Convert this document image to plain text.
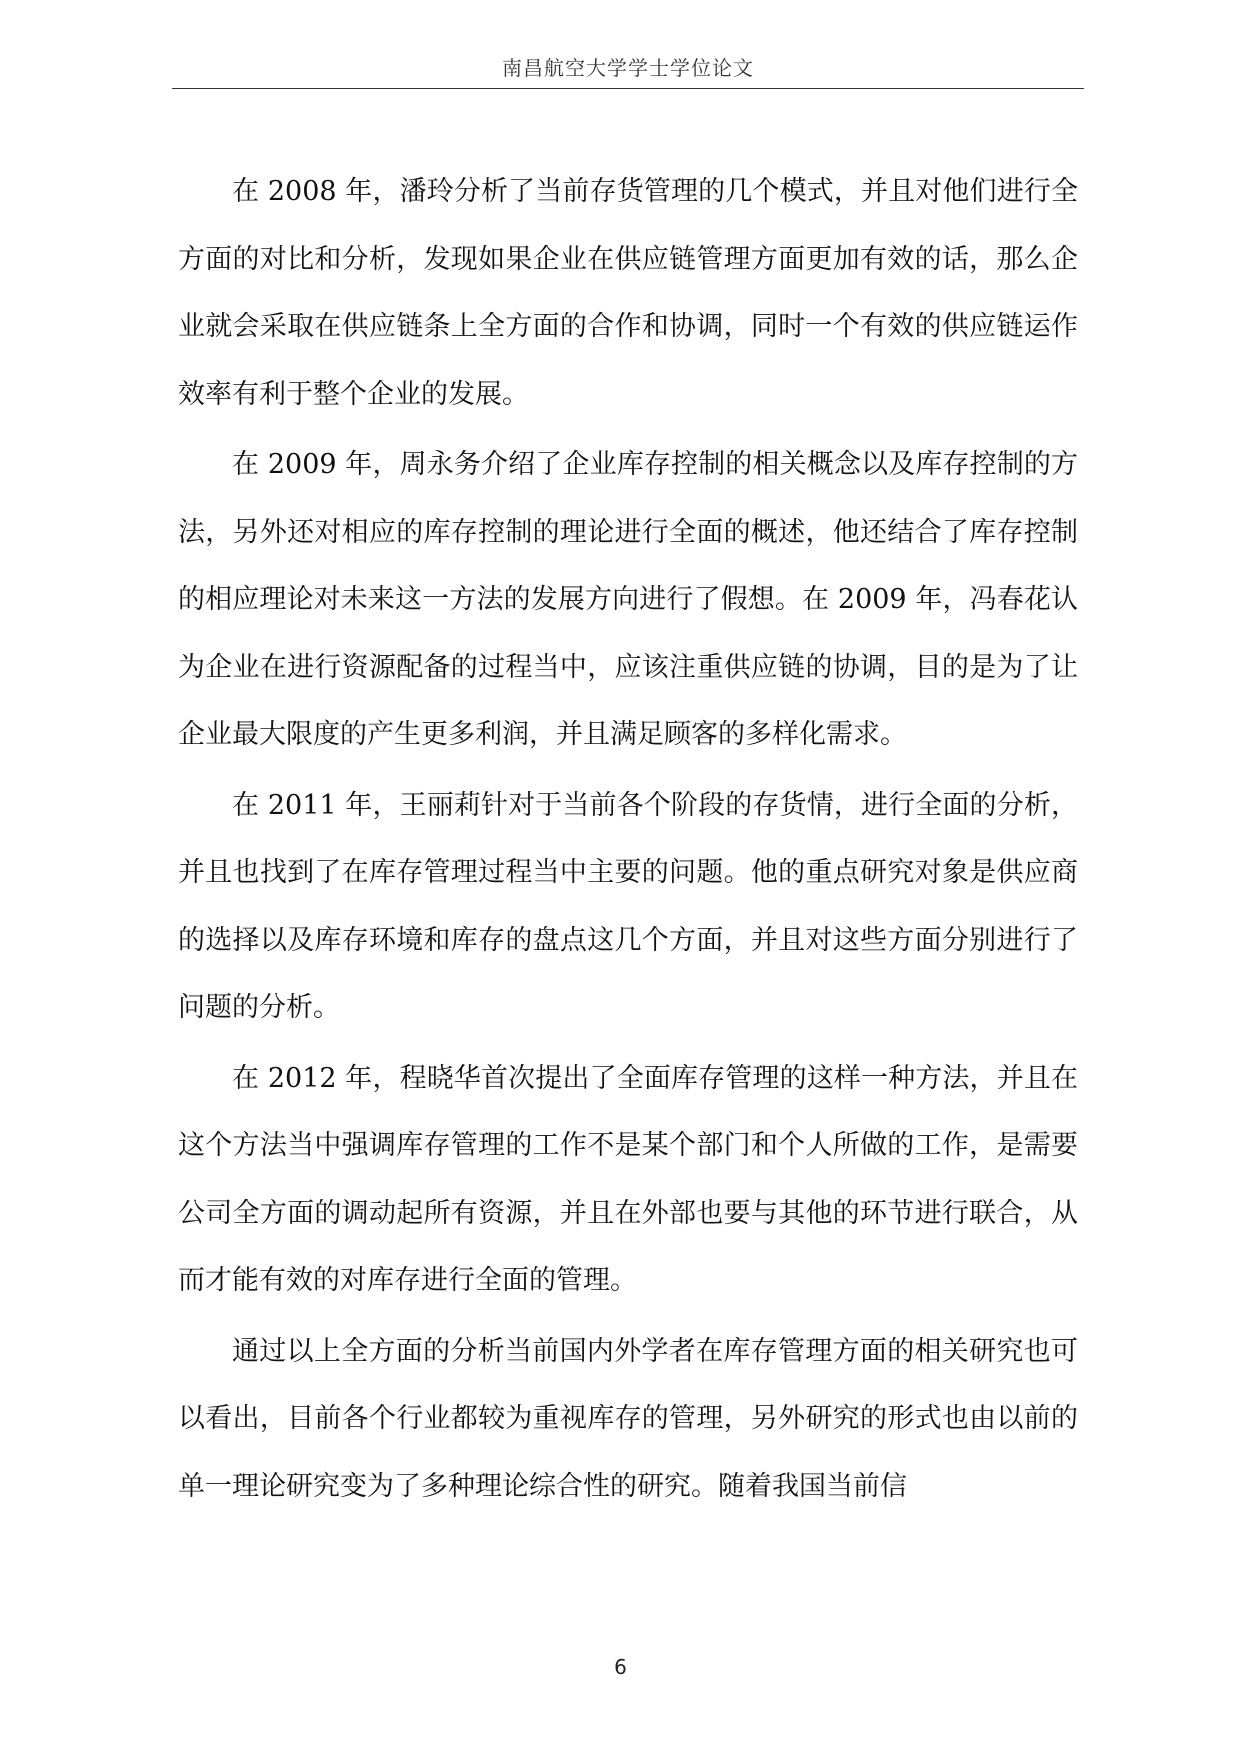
南昌航空大学学士学位论文

在 2008 年，潘玲分析了当前存货管理的几个模式，并且对他们进行全方面的对比和分析，发现如果企业在供应链管理方面更加有效的话，那么企业就会采取在供应链条上全方面的合作和协调，同时一个有效的供应链运作效率有利于整个企业的发展。

在 2009 年，周永务介绍了企业库存控制的相关概念以及库存控制的方法，另外还对相应的库存控制的理论进行全面的概述，他还结合了库存控制的相应理论对未来这一方法的发展方向进行了假想。在 2009 年，冯春花认为企业在进行资源配备的过程当中，应该注重供应链的协调，目的是为了让企业最大限度的产生更多利润，并且满足顾客的多样化需求。

在 2011 年，王丽莉针对于当前各个阶段的存货情，进行全面的分析，并且也找到了在库存管理过程当中主要的问题。他的重点研究对象是供应商的选择以及库存环境和库存的盘点这几个方面，并且对这些方面分别进行了问题的分析。

在 2012 年，程晓华首次提出了全面库存管理的这样一种方法，并且在这个方法当中强调库存管理的工作不是某个部门和个人所做的工作，是需要公司全方面的调动起所有资源，并且在外部也要与其他的环节进行联合，从而才能有效的对库存进行全面的管理。

通过以上全方面的分析当前国内外学者在库存管理方面的相关研究也可以看出，目前各个行业都较为重视库存的管理，另外研究的形式也由以前的单一理论研究变为了多种理论综合性的研究。随着我国当前信

6
